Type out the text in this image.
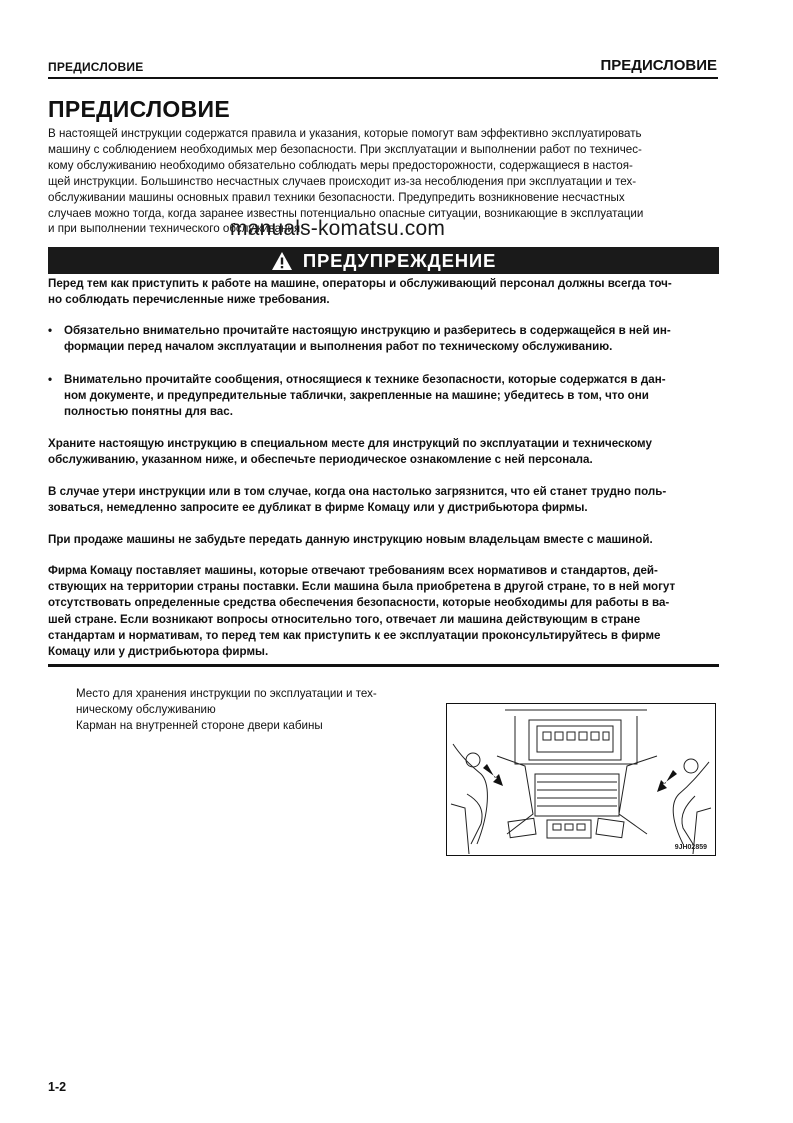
ПРЕДИСЛОВИЕ	ПРЕДИСЛОВИЕ
ПРЕДИСЛОВИЕ
В настоящей инструкции содержатся правила и указания, которые помогут вам эффективно эксплуатировать
машину с соблюдением необходимых мер безопасности. При эксплуатации и выполнении работ по техничес-
кому обслуживанию необходимо обязательно соблюдать меры предосторожности, содержащиеся в настоя-
щей инструкции. Большинство несчастных случаев происходит из-за несоблюдения при эксплуатации и тех-
обслуживании машины основных правил техники безопасности. Предупредить возникновение несчастных
случаев можно тогда, когда заранее известны потенциально опасные ситуации, возникающие в эксплуатации
и при выполнении технического обслуживания.
manuals-komatsu.com
ПРЕДУПРЕЖДЕНИЕ
Перед тем как приступить к работе на машине, операторы и обслуживающий персонал должны всегда точ-
но соблюдать перечисленные ниже требования.
• Обязательно внимательно прочитайте настоящую инструкцию и разберитесь в содержащейся в ней ин-
формации перед началом эксплуатации и выполнения работ по техническому обслуживанию.
• Внимательно прочитайте сообщения, относящиеся к технике безопасности, которые содержатся в дан-
ном документе, и предупредительные таблички, закрепленные на машине; убедитесь в том, что они
полностью понятны для вас.
Храните настоящую инструкцию в специальном месте для инструкций по эксплуатации и техническому
обслуживанию, указанном ниже, и обеспечьте периодическое ознакомление с ней персонала.
В случае утери инструкции или в том случае, когда она настолько загрязнится, что ей станет трудно поль-
зоваться, немедленно запросите ее дубликат в фирме Комацу или у дистрибьютора фирмы.
При продаже машины не забудьте передать данную инструкцию новым владельцам вместе с машиной.
Фирма Комацу поставляет машины, которые отвечают требованиям всех нормативов и стандартов, дей-
ствующих на территории страны поставки. Если машина была приобретена в другой стране, то в ней могут
отсутствовать определенные средства обеспечения безопасности, которые необходимы для работы в ва-
шей стране. Если возникают вопросы относительно того, отвечает ли машина действующим в стране
стандартам и нормативам, то перед тем как приступить к ее эксплуатации проконсультируйтесь в фирме
Комацу или у дистрибьютора фирмы.
Место для хранения инструкции по эксплуатации и тех-
ническому обслуживанию
Карман на внутренней стороне двери кабины
9JH02859
1-2
